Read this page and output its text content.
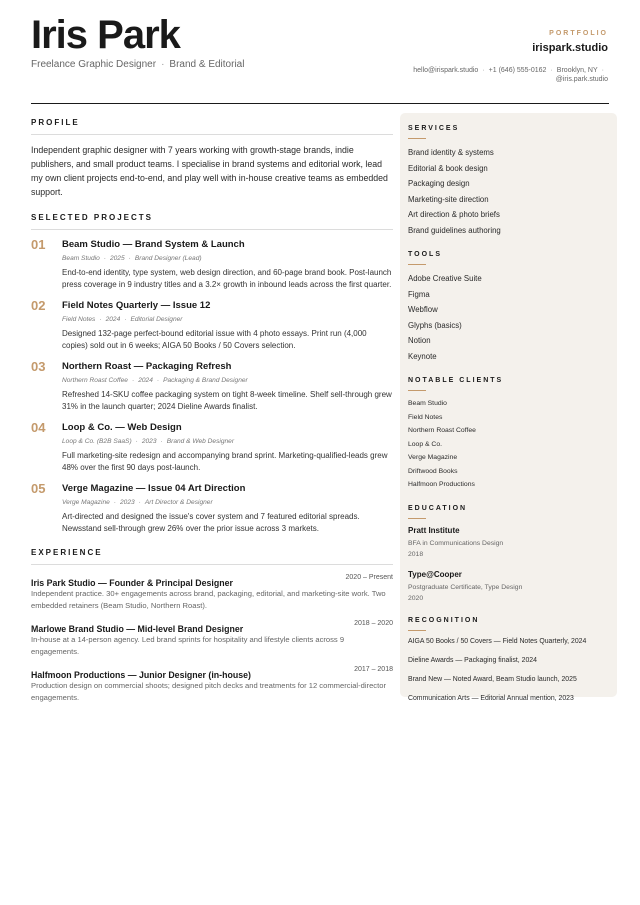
Iris Park
Freelance Graphic Designer · Brand & Editorial
PORTFOLIO
irispark.studio
hello@irispark.studio · +1 (646) 555-0162 · Brooklyn, NY ·
@iris.park.studio
PROFILE

Independent graphic designer with 7 years working with growth-stage brands, indie publishers, and small product teams. I specialise in brand systems and editorial work, lead my own client projects end-to-end, and play well with in-house creative teams as embedded support.

SELECTED PROJECTS
01 Beam Studio — Brand System & Launch
Beam Studio · 2025 · Brand Designer (Lead)
End-to-end identity, type system, web design direction, and 60-page brand book. Post-launch press coverage in 9 industry titles and a 3.2× growth in inbound leads across the first quarter.
02 Field Notes Quarterly — Issue 12
Field Notes · 2024 · Editorial Designer
Designed 132-page perfect-bound editorial issue with 4 photo essays. Print run (4,000 copies) sold out in 6 weeks; AIGA 50 Books / 50 Covers selection.
03 Northern Roast — Packaging Refresh
Northern Roast Coffee · 2024 · Packaging & Brand Designer
Refreshed 14-SKU coffee packaging system on tight 8-week timeline. Shelf sell-through grew 31% in the launch quarter; 2024 Dieline Awards finalist.
04 Loop & Co. — Web Design
Loop & Co. (B2B SaaS) · 2023 · Brand & Web Designer
Full marketing-site redesign and accompanying brand sprint. Marketing-qualified-leads grew 48% over the first 90 days post-launch.
05 Verge Magazine — Issue 04 Art Direction
Verge Magazine · 2023 · Art Director & Designer
Art-directed and designed the issue's cover system and 7 featured editorial spreads. Newsstand sell-through grew 26% over the prior issue across 3 markets.
EXPERIENCE
Iris Park Studio — Founder & Principal Designer
2020 – Present
Independent practice. 30+ engagements across brand, packaging, editorial, and marketing-site work. Two embedded retainers (Beam Studio, Northern Roast).
Marlowe Brand Studio — Mid-level Brand Designer
2018 – 2020
In-house at a 14-person agency. Led brand sprints for hospitality and lifestyle clients across 9 engagements.
Halfmoon Productions — Junior Designer (in-house)
2017 – 2018
Production design on commercial shoots; designed pitch decks and treatments for 12 commercial-director engagements.
SERVICES
Brand identity & systems
Editorial & book design
Packaging design
Marketing-site direction
Art direction & photo briefs
Brand guidelines authoring
TOOLS
Adobe Creative Suite
Figma
Webflow
Glyphs (basics)
Notion
Keynote
NOTABLE CLIENTS
Beam Studio
Field Notes
Northern Roast Coffee
Loop & Co.
Verge Magazine
Driftwood Books
Halfmoon Productions
EDUCATION
Pratt Institute
BFA in Communications Design
2018
Type@Cooper
Postgraduate Certificate, Type Design
2020
RECOGNITION
AIGA 50 Books / 50 Covers — Field Notes Quarterly, 2024
Dieline Awards — Packaging finalist, 2024
Brand New — Noted Award, Beam Studio launch, 2025
Communication Arts — Editorial Annual mention, 2023
